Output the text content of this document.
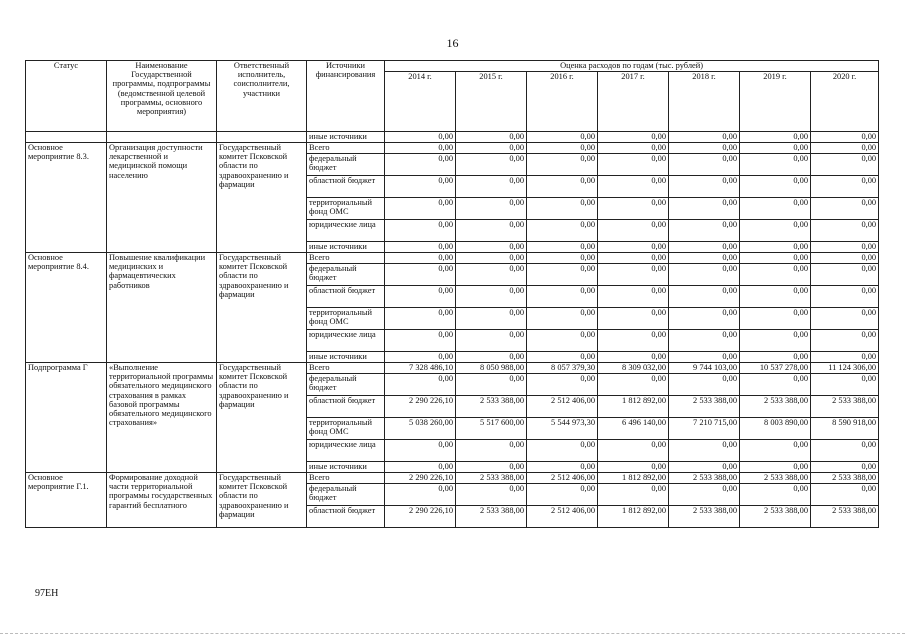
16
Статус	Наименование Государственной программы, подпрограммы (ведомственной целевой программы, основного мероприятия)	Ответственный исполнитель, соисполнители, участники	Источники финансирования	Оценка расходов по годам (тыс. рублей)						
				2014 г.	2015 г.	2016 г.	2017 г.	2018 г.	2019 г.	2020 г.
			иные источники	0,00	0,00	0,00	0,00	0,00	0,00	0,00
Основное мероприятие 8.3.	Организация доступности лекарственной и медицинской помощи населению	Государственный комитет Псковской области по здравоохранению и фармации	Всего	0,00	0,00	0,00	0,00	0,00	0,00	0,00
			федеральный бюджет	0,00	0,00	0,00	0,00	0,00	0,00	0,00
			областной бюджет	0,00	0,00	0,00	0,00	0,00	0,00	0,00
			территориальный фонд ОМС	0,00	0,00	0,00	0,00	0,00	0,00	0,00
			юридические лица	0,00	0,00	0,00	0,00	0,00	0,00	0,00
			иные источники	0,00	0,00	0,00	0,00	0,00	0,00	0,00
Основное мероприятие 8.4.	Повышение квалификации медицинских и фармацевтических работников	Государственный комитет Псковской области по здравоохранению и фармации	Всего	0,00	0,00	0,00	0,00	0,00	0,00	0,00
			федеральный бюджет	0,00	0,00	0,00	0,00	0,00	0,00	0,00
			областной бюджет	0,00	0,00	0,00	0,00	0,00	0,00	0,00
			территориальный фонд ОМС	0,00	0,00	0,00	0,00	0,00	0,00	0,00
			юридические лица	0,00	0,00	0,00	0,00	0,00	0,00	0,00
			иные источники	0,00	0,00	0,00	0,00	0,00	0,00	0,00
Подпрограмма Г	«Выполнение территориальной программы обязательного медицинского страхования в рамках базовой программы обязательного медицинского страхования»	Государственный комитет Псковской области по здравоохранению и фармации	Всего	7 328 486,10	8 050 988,00	8 057 379,30	8 309 032,00	9 744 103,00	10 537 278,00	11 124 306,00
			федеральный бюджет	0,00	0,00	0,00	0,00	0,00	0,00	0,00
			областной бюджет	2 290 226,10	2 533 388,00	2 512 406,00	1 812 892,00	2 533 388,00	2 533 388,00	2 533 388,00
			территориальный фонд ОМС	5 038 260,00	5 517 600,00	5 544 973,30	6 496 140,00	7 210 715,00	8 003 890,00	8 590 918,00
			юридические лица	0,00	0,00	0,00	0,00	0,00	0,00	0,00
			иные источники	0,00	0,00	0,00	0,00	0,00	0,00	0,00
Основное мероприятие Г.1.	Формирование доходной части территориальной программы государственных гарантий бесплатного	Государственный комитет Псковской области по здравоохранению и фармации	Всего	2 290 226,10	2 533 388,00	2 512 406,00	1 812 892,00	2 533 388,00	2 533 388,00	2 533 388,00
			федеральный бюджет	0,00	0,00	0,00	0,00	0,00	0,00	0,00
			областной бюджет	2 290 226,10	2 533 388,00	2 512 406,00	1 812 892,00	2 533 388,00	2 533 388,00	2 533 388,00
97ЕН
